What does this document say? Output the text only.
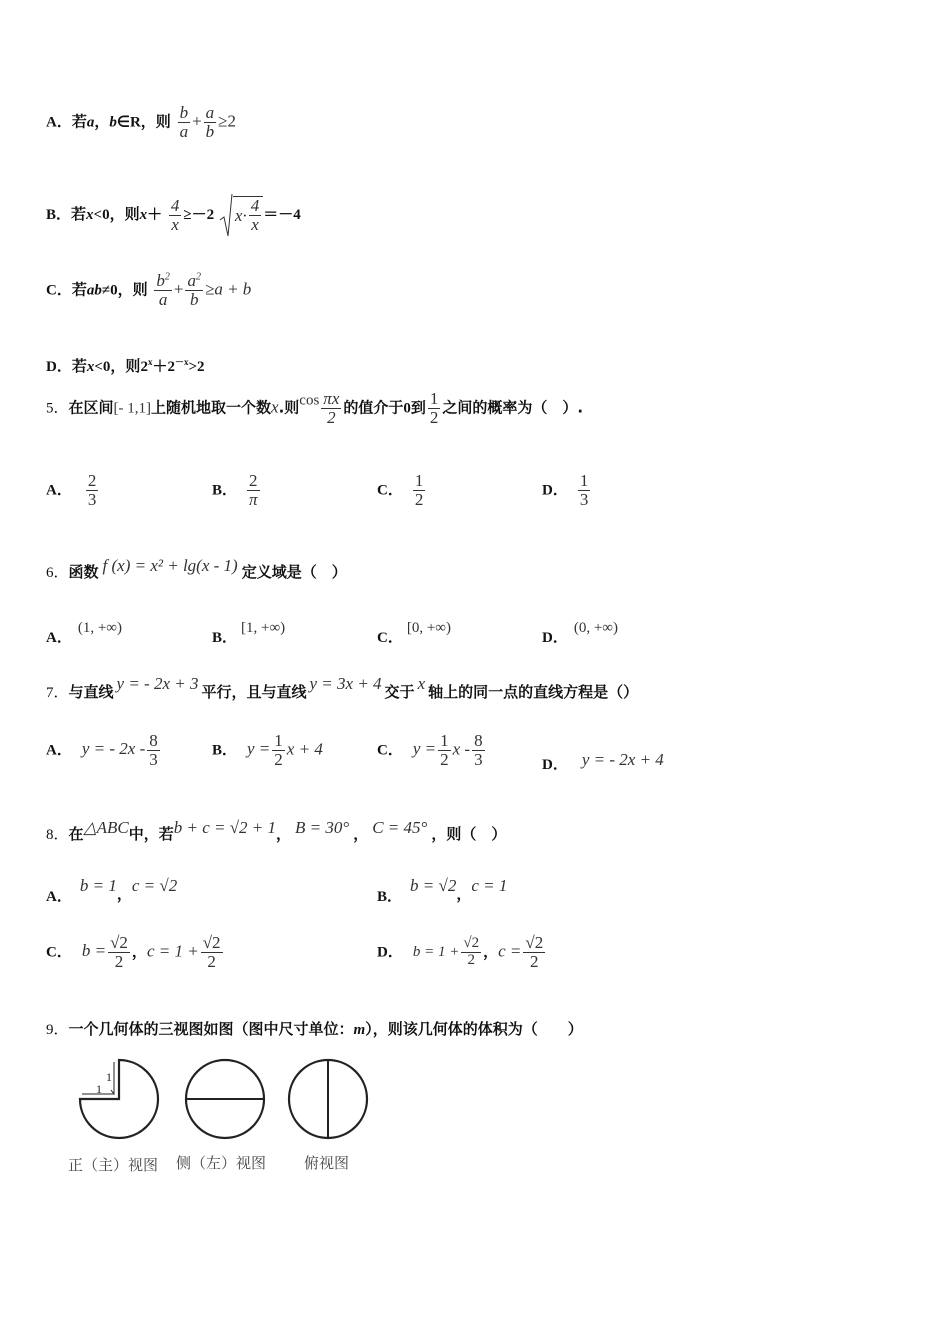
A．若a，b∈R，则 $\frac{b}{a} + \frac{a}{b} \ge 2$
B．若x<0，则$x+ \frac{4}{x} \ge-2$ $x\cdot \frac{4}{x} =-4$
C．若ab≠0，则 $\frac{b^2}{a} + \frac{a^2}{b} \ge a + b$
D．若x<0，则$2^x+2^{-x}>2$
5．在区间[- 1,1]上随机地取一个数x.则$\cos \frac{\pi x}{2}$ 的值介于0到 $\frac{1}{2}$ 之间的概率为（　）.
A． $\frac{2}{3}$	B． $\frac{2}{\pi}$	C． $\frac{1}{2}$	D． $\frac{1}{3}$
6．函数 f (x) = x² + lg(x - 1) 定义域是（　）
A．(1, +∞)
B．[1, +∞)
C．[0, +∞)
D．(0, +∞)
7．与直线 y = - 2x + 3 平行，且与直线 y = 3x + 4 交于 x 轴上的同一点的直线方程是（）
A． y = - $2x - \frac{8}{3}$	B． $y = \frac{1}{2}$ x + 4	C． $y = \frac{1}{2}$ x - $\frac{8}{3}$	D． y = - 2x + 4
8．在△ABC中，若b + c = √2 + 1， B = 30° ， C = 45° ，则（　）
A．b = 1，c = √2
B．b = √2，c = 1
C． $b = \frac{√2}{2}$ ，$c = 1 + \frac{√2}{2}$	D． $b = 1 + \frac{√2}{2}$ ，$c = \frac{√2}{2}$
9．一个几何体的三视图如图（图中尺寸单位：m），则该几何体的体积为（　　）
1
1
正（主）视图 侧（左）视图	俯视图
